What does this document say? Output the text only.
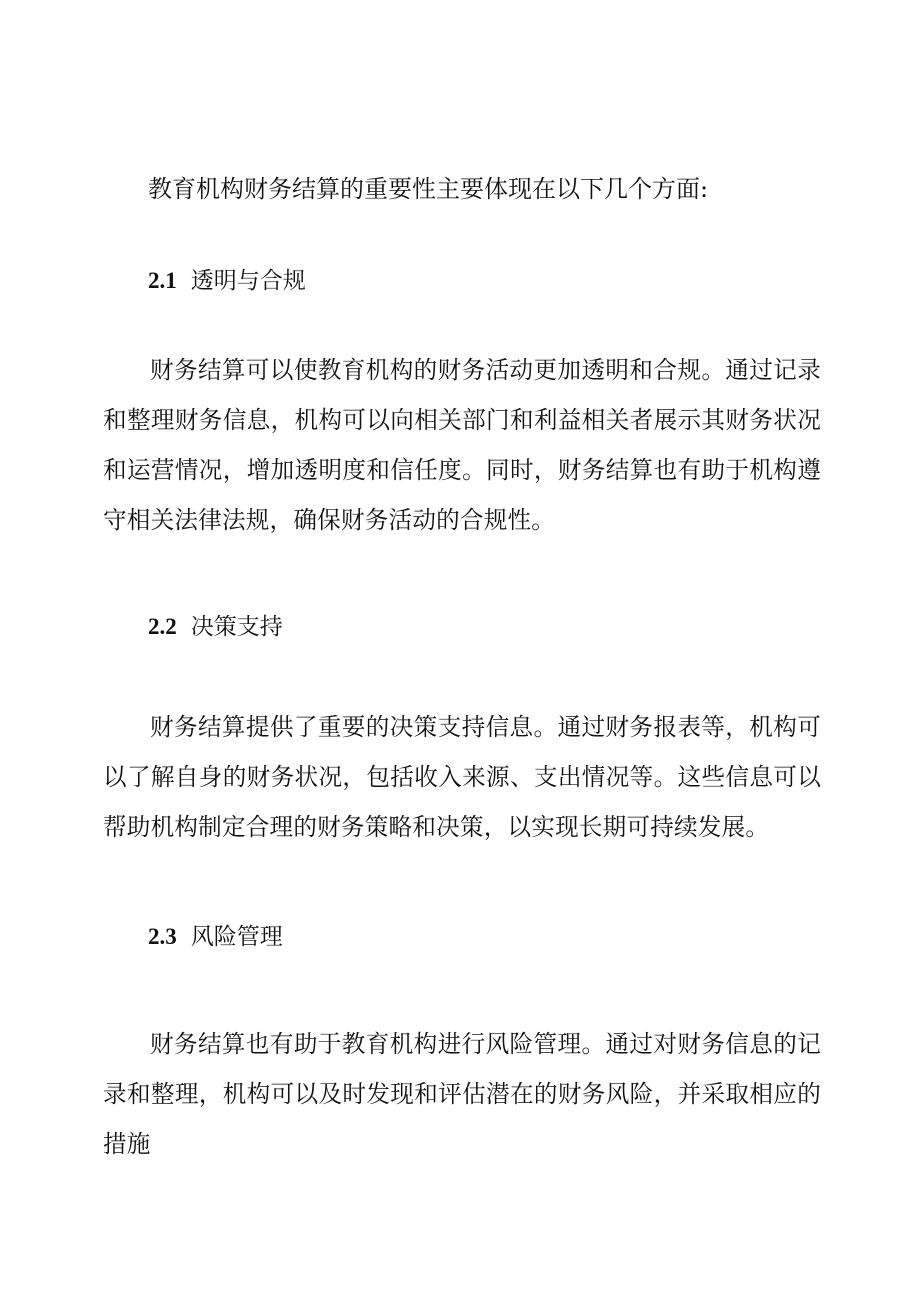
教育机构财务结算的重要性主要体现在以下几个方面:

2.1 透明与合规

财务结算可以使教育机构的财务活动更加透明和合规。通过记录和整理财务信息，机构可以向相关部门和利益相关者展示其财务状况和运营情况，增加透明度和信任度。同时，财务结算也有助于机构遵守相关法律法规，确保财务活动的合规性。

2.2 决策支持

财务结算提供了重要的决策支持信息。通过财务报表等，机构可以了解自身的财务状况，包括收入来源、支出情况等。这些信息可以帮助机构制定合理的财务策略和决策，以实现长期可持续发展。

2.3 风险管理

财务结算也有助于教育机构进行风险管理。通过对财务信息的记录和整理，机构可以及时发现和评估潜在的财务风险，并采取相应的措施
